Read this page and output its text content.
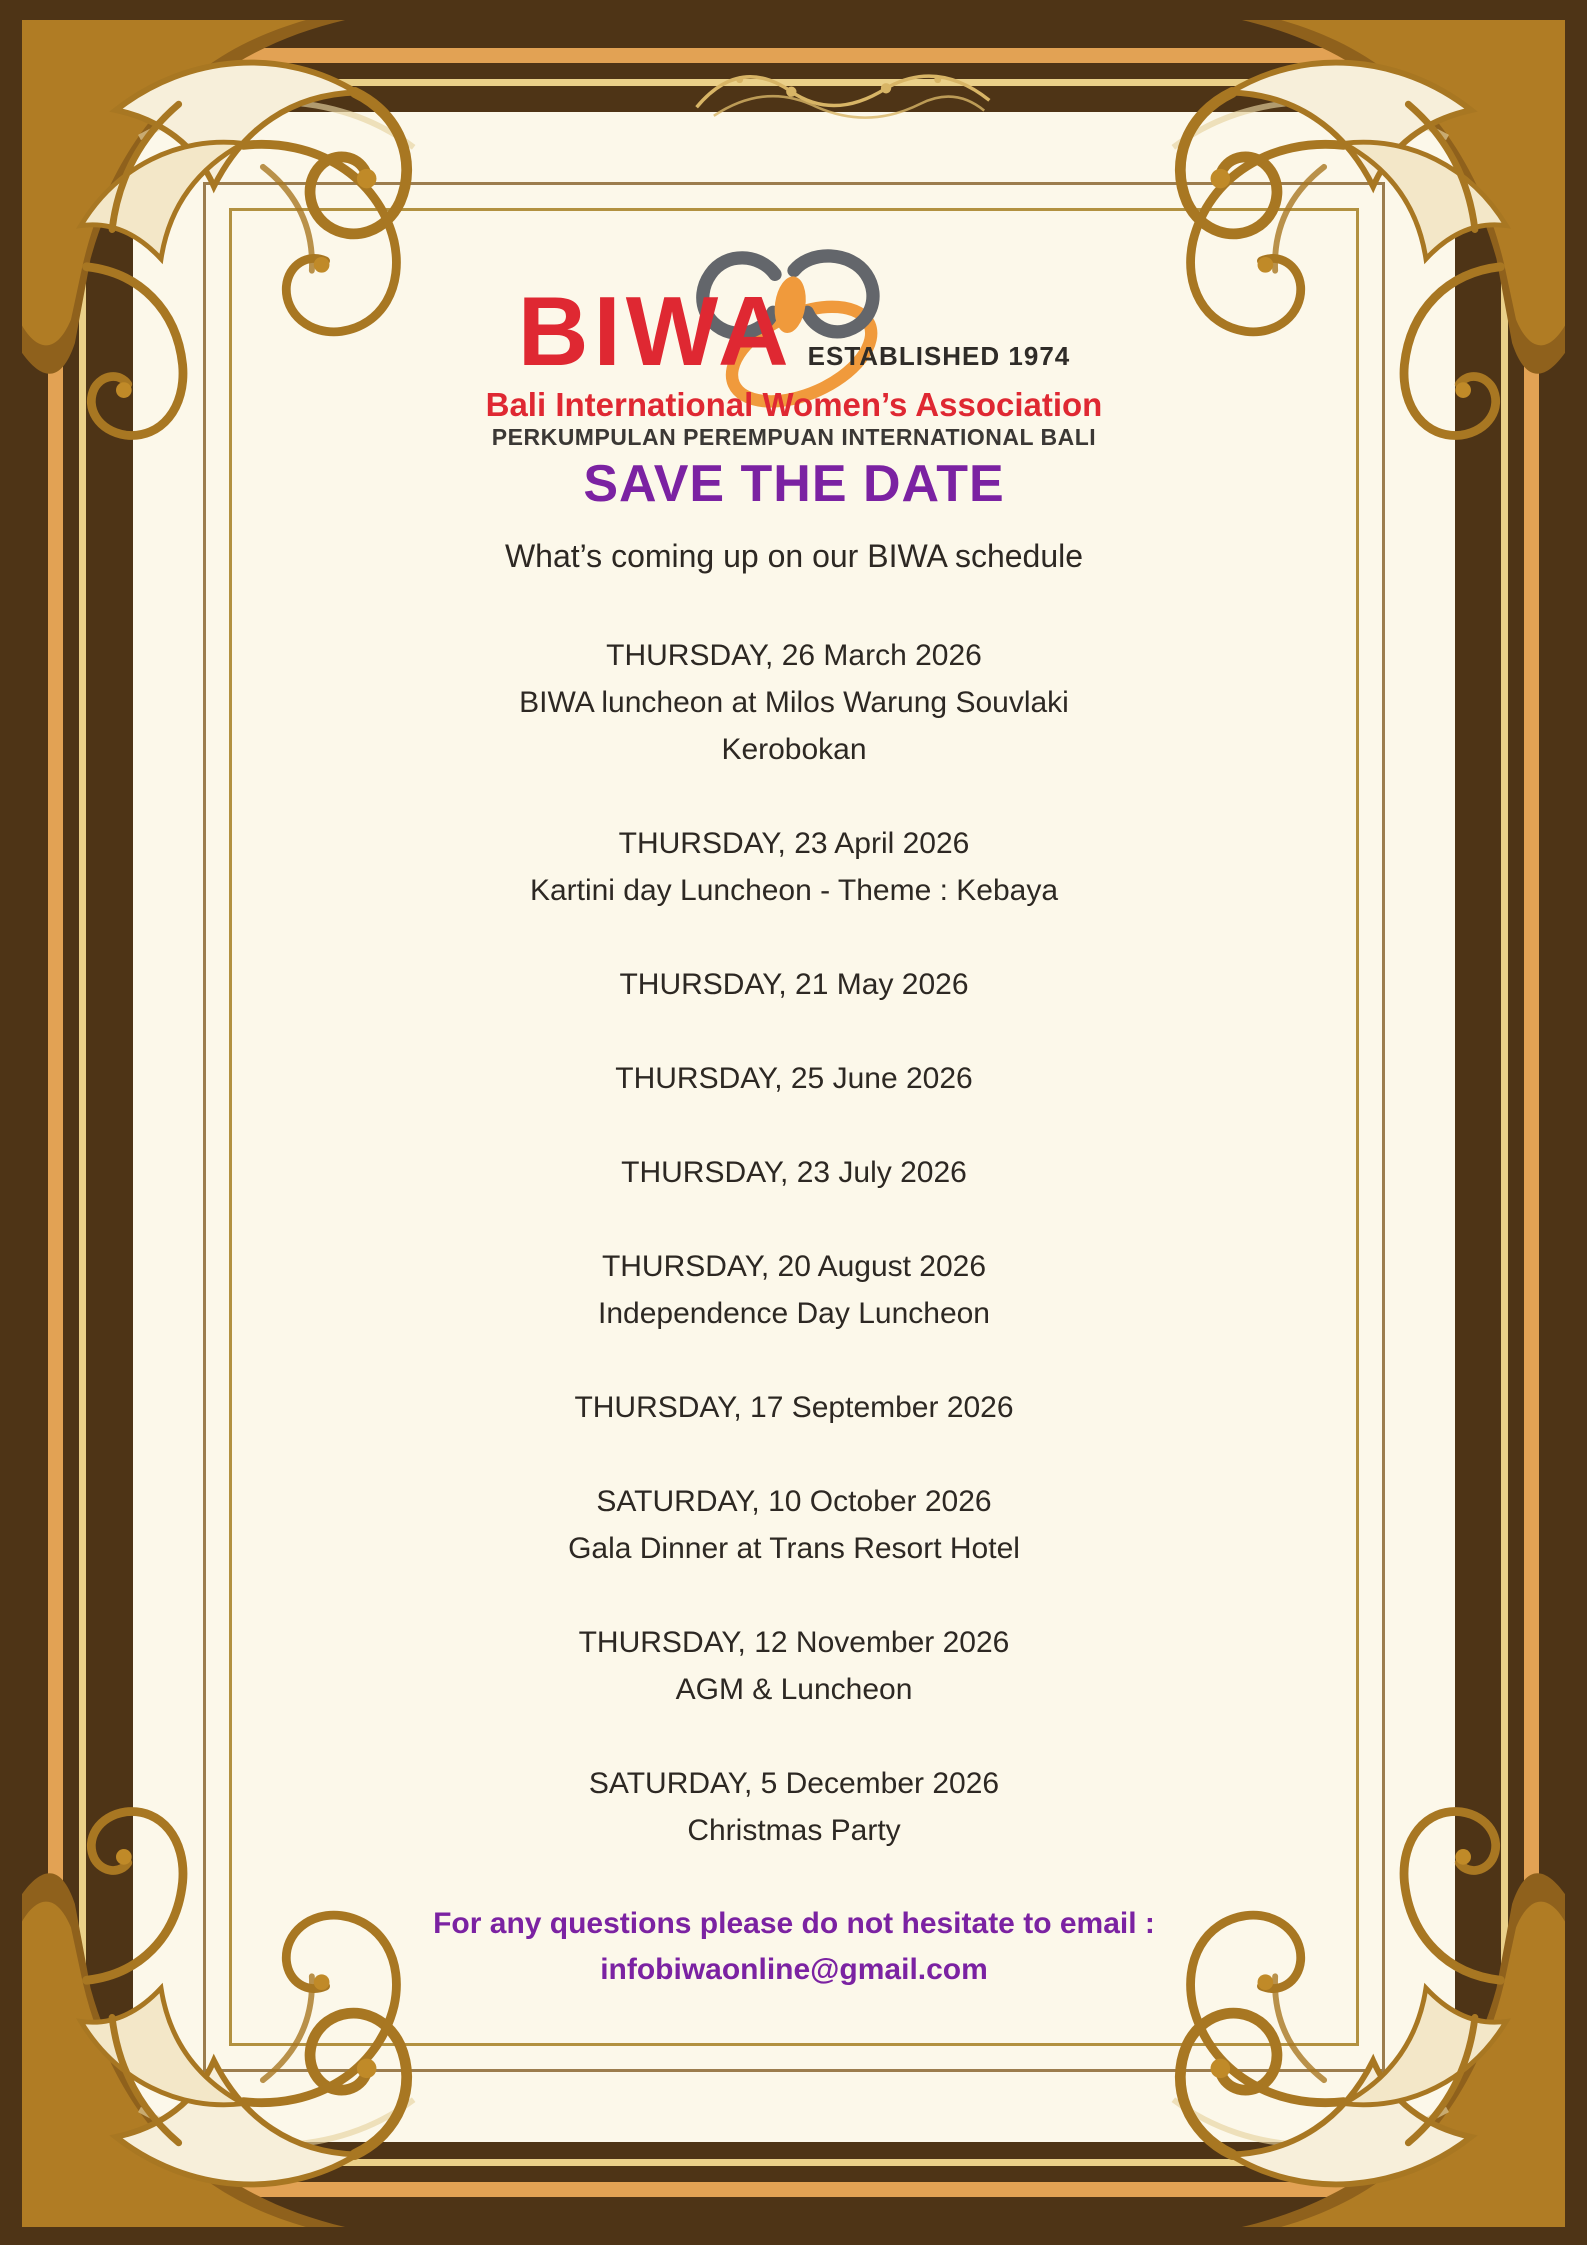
BIWA ESTABLISHED 1974
Bali International Women’s Association
PERKUMPULAN PEREMPUAN INTERNATIONAL BALI
SAVE THE DATE
What’s coming up on our BIWA schedule
THURSDAY, 26 March 2026
BIWA luncheon at Milos Warung Souvlaki
Kerobokan
THURSDAY, 23 April 2026
Kartini day Luncheon - Theme : Kebaya
THURSDAY, 21 May 2026
THURSDAY, 25 June 2026
THURSDAY, 23 July 2026
THURSDAY, 20 August 2026
Independence Day Luncheon
THURSDAY, 17 September 2026
SATURDAY, 10 October 2026
Gala Dinner at Trans Resort Hotel
THURSDAY, 12 November 2026
AGM & Luncheon
SATURDAY, 5 December 2026
Christmas Party
For any questions please do not hesitate to email :
infobiwaonline@gmail.com
